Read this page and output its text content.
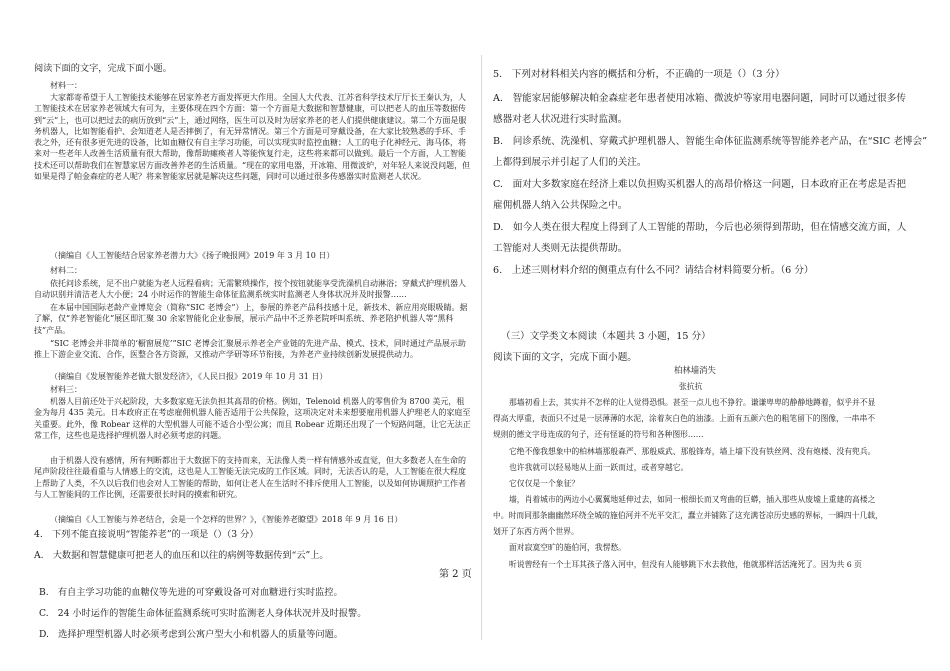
阅读下面的文字，完成下面小题。
材料一：
大家都寄希望于人工智能技术能够在居家养老方面发挥更大作用。全国人大代表、江苏省科学技术厅厅长王秦认为，人工智能技术在居家养老领域大有可为，主要体现在四个方面：第一个方面是大数据和智慧健康，可以把老人的血压等数据传到“云”上，也可以把过去的病历放到“云”上，通过网络，医生可以及时为居家养老的老人们提供健康建议。第二个方面是服务机器人，比如智能看护、会知道老人是否摔倒了，有无异常情况。第三个方面是可穿戴设备，在大家比较熟悉的手环、手表之外，还有很多更先进的设备，比如血糖仪有自主学习功能，可以实现实时监控血糖；人工的电子化神经元、海马体，将来对一些老年人改善生活质量有很大帮助，像帮助瘫痪者人等能恢复行走，这些将来都可以做到。最后一个方面，人工智能技术还可以帮助我们在智慧家居方面改善养老的生活质量。“现在的家用电器，开冰箱、用微波炉，对年轻人来说没问题，但如果是得了帕金森症的老人呢？将来智能家居就是解决这些问题，同时可以通过很多传感器实时监测老人状况。
（摘编自《人工智能结合居家养老潜力大》《扬子晚报网》2019 年 3 月 10 日）
材料二：
依托问诊系统，足不出户就能为老人远程看病；无需繁琐操作，按个按钮就能享受洗澡机自动淋浴；穿戴式护理机器人自动识别并清洁老人大小便；24 小时运作的智能生命体征监测系统实时监测老人身体状况并及时报警……
在本届中国国际老龄产业博览会（简称“SIC 老博会”）上，参展的养老产品科技感十足，新技术、新应用亮眼吸睛。据了解，仅“养老智能化”展区即汇聚 30 余家智能化企业参展，展示产品中不乏养老院呼叫系统、养老陪护机器人等“黑科技”产品。
“SIC 老博会并非简单的‘橱窗展览’”SIC 老博会汇聚展示养老全产业链的先进产品、模式、技术，同时通过产品展示助推上下游企业交流、合作，医整合各方资源，又推动产学研等环节衔接，为养老产业持续创新发展提供动力。
（摘编自《发展智能养老做大银发经济》，《人民日报》2019 年 10 月 31 日）
材料三：
机器人目前还处于兴起阶段，大多数家庭无法负担其高昂的价格。例如，Telenoid 机器人的零售价为 8700 美元，租金为每月 435 美元。日本政府正在考虑雇佣机器人能否适用于公共保险，这项决定对未来想要雇用机器人护理老人的家庭至关重要。此外，像 Robear 这样的大型机器人可能不适合小型公寓；而且 Robear 近期还出现了一个短路问题，让它无法正常工作，这些也是选择护理机器人时必须考虑的问题。
由于机器人没有感情，所有判断都出于大数据下的支持而来，无法像人类一样有情感外或直觉，但大多数老人在生命的尾声阶段往往最看重与人情感上的交流，这也是人工智能无法完成的工作区域。同时，无法否认的是，人工智能在很大程度上帮助了人类，不久以后我们也会对人工智能的帮助，如何让老人在生活时不排斥使用人工智能，以及如何协调照护工作者与人工智能间的工作比例，还需要很长时间的摸索和研究。
（摘编自《人工智能与养老结合，会是一个怎样的世界？》，《智能养老瞭望》2018 年 9 月 16 日）
4.　下列不能直接说明“智能养老”的一项是（）（3 分）
A.　大数据和智慧健康可把老人的血压和以往的病例等数据传到“云”上。
第 2 页
B.　有自主学习功能的血糖仪等先进的可穿戴设备可对血糖进行实时监控。
C.　24 小时运作的智能生命体征监测系统可实时监测老人身体状况并及时报警。
D.　选择护理型机器人时必须考虑到公寓户型大小和机器人的质量等问题。
5.　下列对材料相关内容的概括和分析，不正确的一项是（）（3 分）
A.　智能家居能够解决帕金森症老年患者使用冰箱、微波炉等家用电器问题，同时可以通过很多传
感器对老人状况进行实时监测。
B.　问诊系统、洗澡机、穿戴式护理机器人、智能生命体征监测系统等智能养老产品，在“SIC 老博会”
上都得到展示并引起了人们的关注。
C.　面对大多数家庭在经济上难以负担购买机器人的高昂价格这一问题，日本政府正在考虑是否把
雇佣机器人纳入公共保险之中。
D.　如今人类在很大程度上得到了人工智能的帮助，今后也必须得到帮助，但在情感交流方面，人
工智能对人类则无法提供帮助。
6.　上述三则材料介绍的侧重点有什么不同？请结合材料简要分析。（6 分）
（三）文学类文本阅读（本题共 3 小题，15 分）
阅读下面的文字，完成下面小题。
柏林墙消失
张抗抗
那墙初看上去，其实并不怎样的让人觉得恐惧。甚至一点儿也不狰狞。谦谦卑卑的静静地蹲着，似乎并不显
得高大厚重，表面只不过是一层薄薄的水泥，涂着灰白色的油漆。上面有五颜六色的粗笔留下的图像，一串串不
规则的德文字母连成的句子，还有怪诞的符号和各种图形……
它绝不像我想象中的柏林墙那般森严、那般威武、那般锋寿，墙上墙下没有铁丝网、没有炮楼、没有兜兵。
也许我就可以轻易地从上面一跃而过，或者穿越它。
它仅仅是一个象征？
墙，肖着城市的两边小心翼翼地延伸过去，如同一根细长而又弯曲的巨蟒，插入那些从废墟上重建的高楼之
中。时而同那条幽幽然环绕全城的施伯河并不光平交汇，蠢立并铺陈了这充满苍凉历史感的界标，一瞬四十几载，
划开了东西方两个世界。
面对寂寞空旷的施伯河，我愣愁。
听说曾经有一个土耳其孩子落入河中，但没有人能够跳下水去救他，他就那样活活淹死了。因为共 6 页
